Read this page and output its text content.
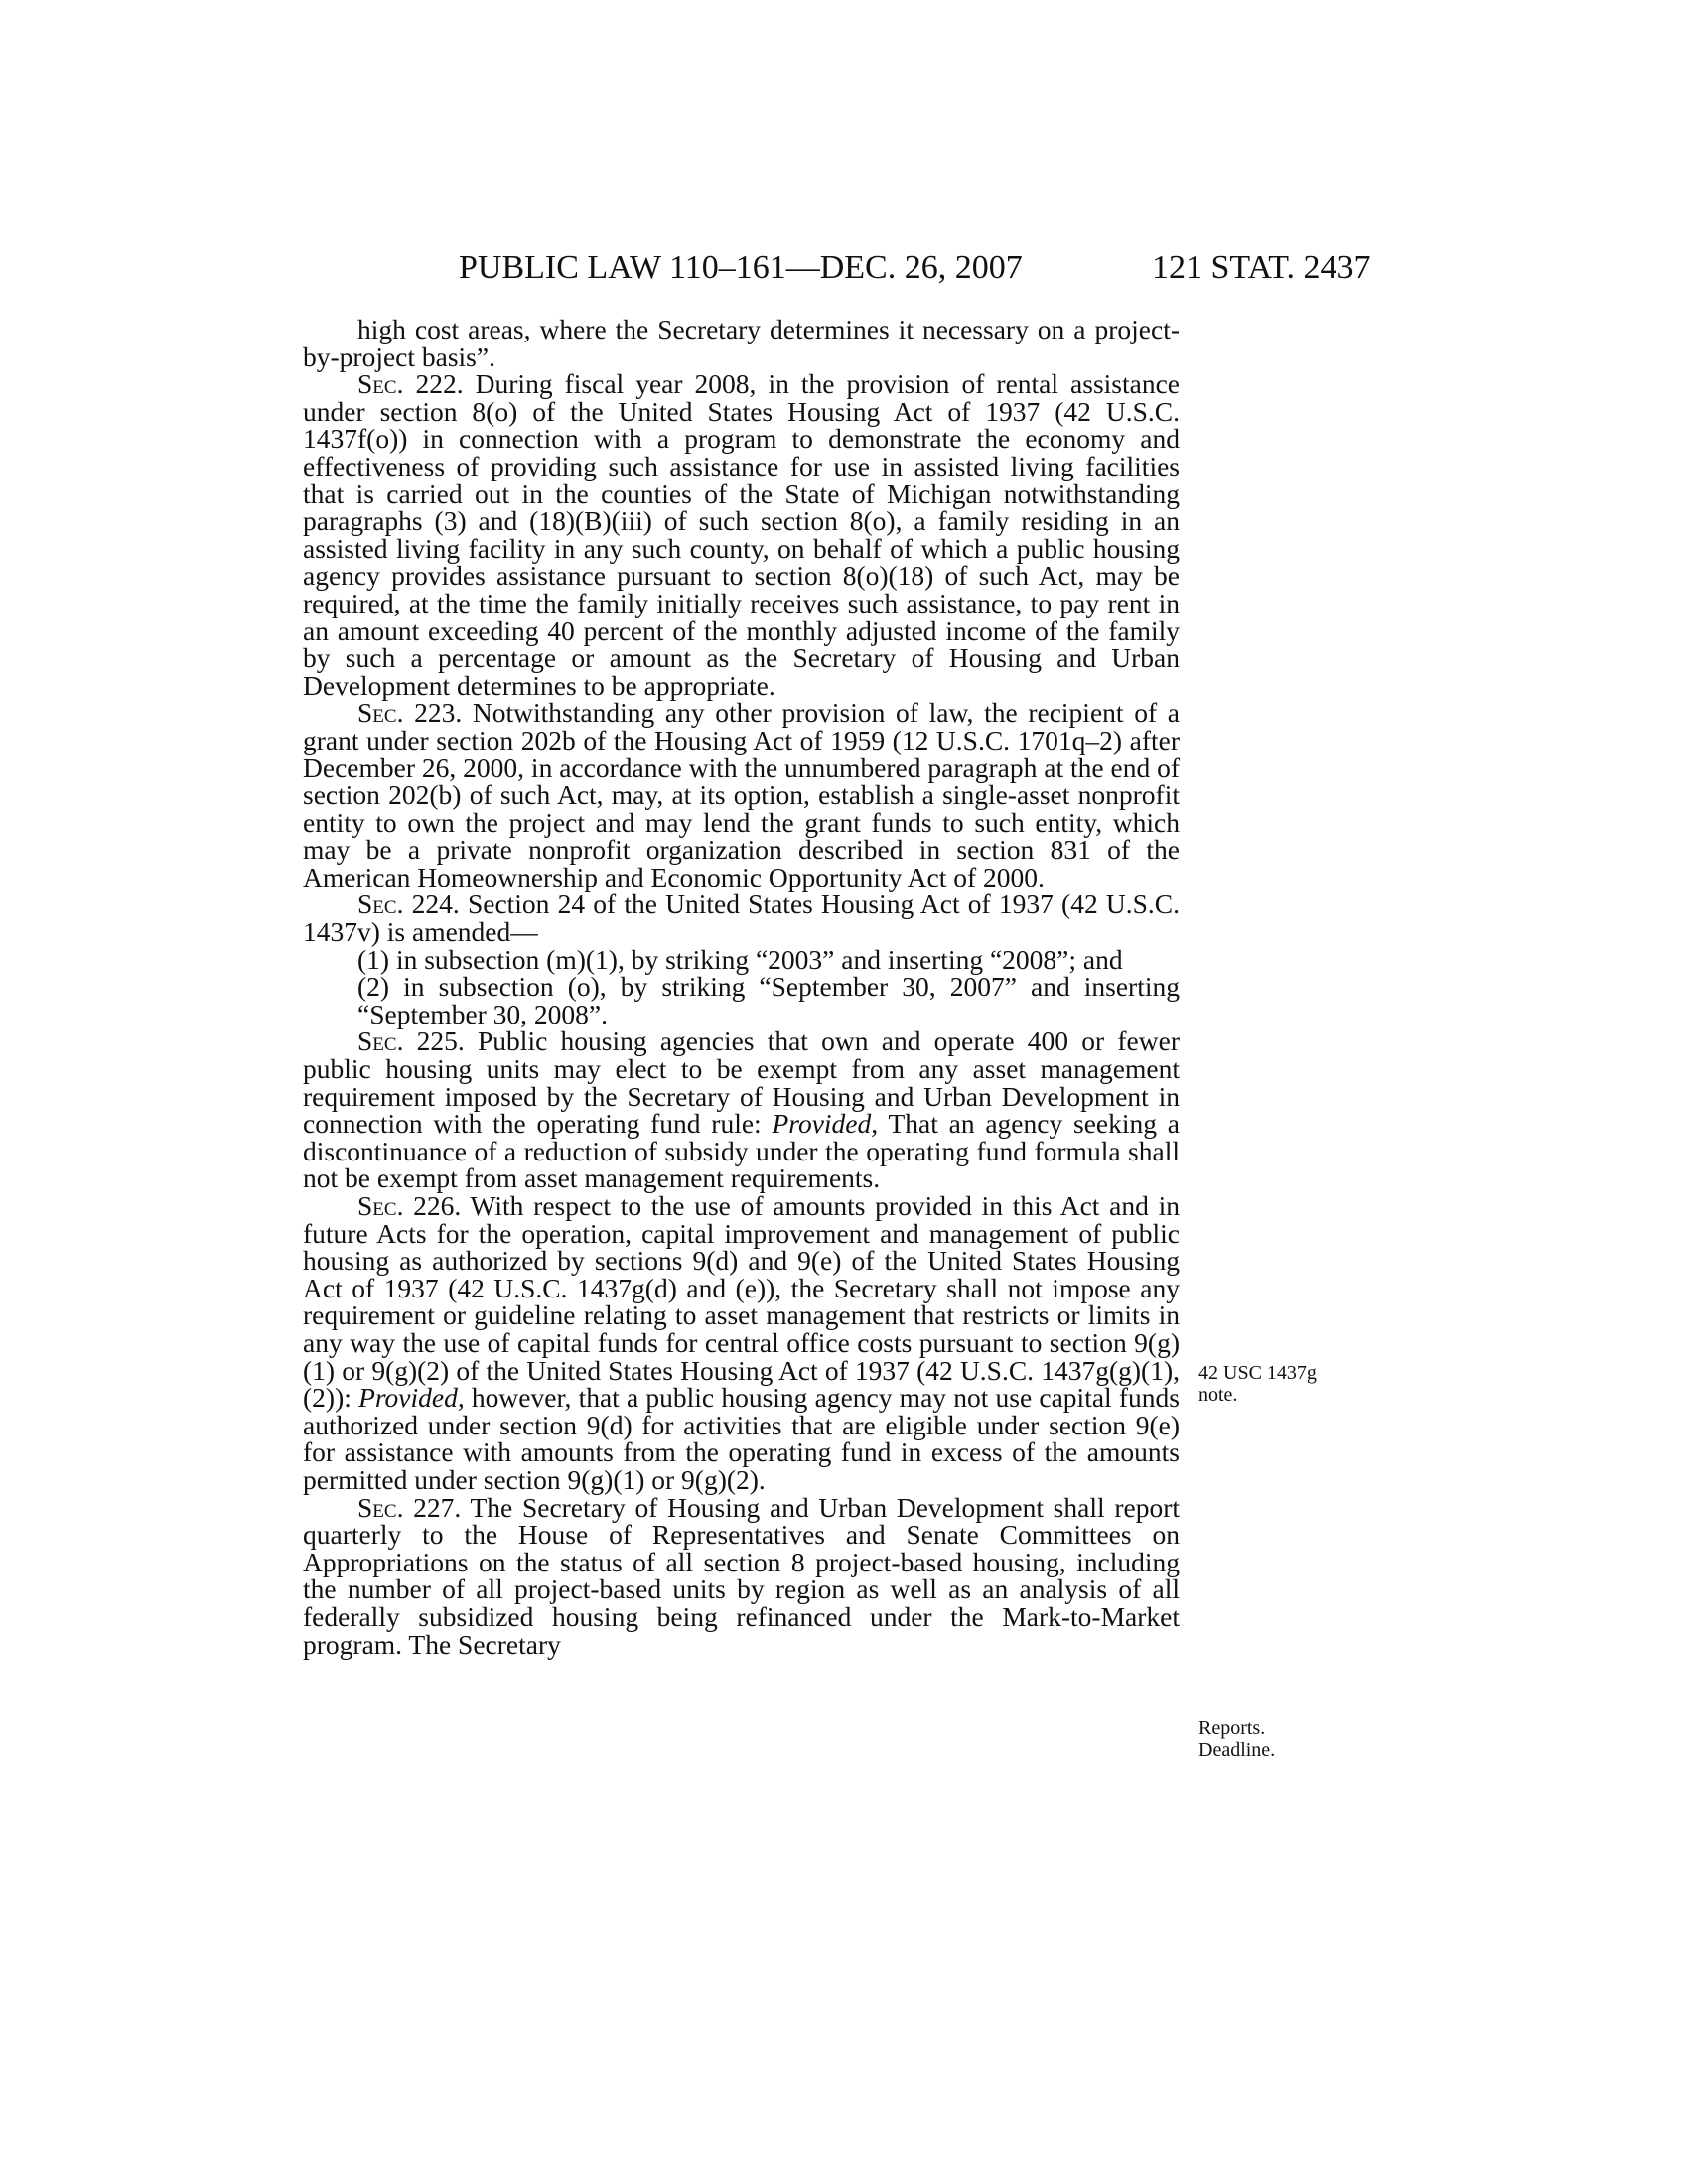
PUBLIC LAW 110–161—DEC. 26, 2007	121 STAT. 2437

high cost areas, where the Secretary determines it necessary on a project-by-project basis”.

Sec. 222. During fiscal year 2008, in the provision of rental assistance under section 8(o) of the United States Housing Act of 1937 (42 U.S.C. 1437f(o)) in connection with a program to demonstrate the economy and effectiveness of providing such assistance for use in assisted living facilities that is carried out in the counties of the State of Michigan notwithstanding paragraphs (3) and (18)(B)(iii) of such section 8(o), a family residing in an assisted living facility in any such county, on behalf of which a public housing agency provides assistance pursuant to section 8(o)(18) of such Act, may be required, at the time the family initially receives such assistance, to pay rent in an amount exceeding 40 percent of the monthly adjusted income of the family by such a percentage or amount as the Secretary of Housing and Urban Development determines to be appropriate.

Sec. 223. Notwithstanding any other provision of law, the recipient of a grant under section 202b of the Housing Act of 1959 (12 U.S.C. 1701q–2) after December 26, 2000, in accordance with the unnumbered paragraph at the end of section 202(b) of such Act, may, at its option, establish a single-asset nonprofit entity to own the project and may lend the grant funds to such entity, which may be a private nonprofit organization described in section 831 of the American Homeownership and Economic Opportunity Act of 2000.

Sec. 224. Section 24 of the United States Housing Act of 1937 (42 U.S.C. 1437v) is amended—

(1) in subsection (m)(1), by striking “2003” and inserting “2008”; and

(2) in subsection (o), by striking “September 30, 2007” and inserting “September 30, 2008”.

Sec. 225. Public housing agencies that own and operate 400 or fewer public housing units may elect to be exempt from any asset management requirement imposed by the Secretary of Housing and Urban Development in connection with the operating fund rule: Provided, That an agency seeking a discontinuance of a reduction of subsidy under the operating fund formula shall not be exempt from asset management requirements.

Sec. 226. With respect to the use of amounts provided in this Act and in future Acts for the operation, capital improvement and management of public housing as authorized by sections 9(d) and 9(e) of the United States Housing Act of 1937 (42 U.S.C. 1437g(d) and (e)), the Secretary shall not impose any requirement or guideline relating to asset management that restricts or limits in any way the use of capital funds for central office costs pursuant to section 9(g)(1) or 9(g)(2) of the United States Housing Act of 1937 (42 U.S.C. 1437g(g)(1), (2)): Provided, however, that a public housing agency may not use capital funds authorized under section 9(d) for activities that are eligible under section 9(e) for assistance with amounts from the operating fund in excess of the amounts permitted under section 9(g)(1) or 9(g)(2).

Sec. 227. The Secretary of Housing and Urban Development shall report quarterly to the House of Representatives and Senate Committees on Appropriations on the status of all section 8 project-based housing, including the number of all project-based units by region as well as an analysis of all federally subsidized housing being refinanced under the Mark-to-Market program. The Secretary

42 USC 1437g
note.
Reports.
Deadline.
